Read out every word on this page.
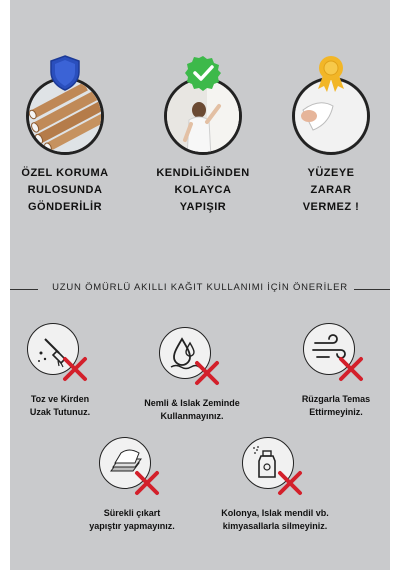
ÖZEL KORUMA
RULOSUNDA
GÖNDERİLİR
KENDİLİĞİNDEN
KOLAYCA
YAPIŞIR
YÜZEYE
ZARAR
VERMEZ !
UZUN ÖMÜRLÜ AKILLI KAĞIT KULLANIMI İÇİN ÖNERİLER
Toz ve Kirden
Uzak Tutunuz.
Nemli & Islak Zeminde
Kullanmayınız.
Rüzgarla Temas
Ettirmeyiniz.
Sürekli çıkart
yapıştır yapmayınız.
Kolonya, Islak mendil vb.
kimyasallarla silmeyiniz.
